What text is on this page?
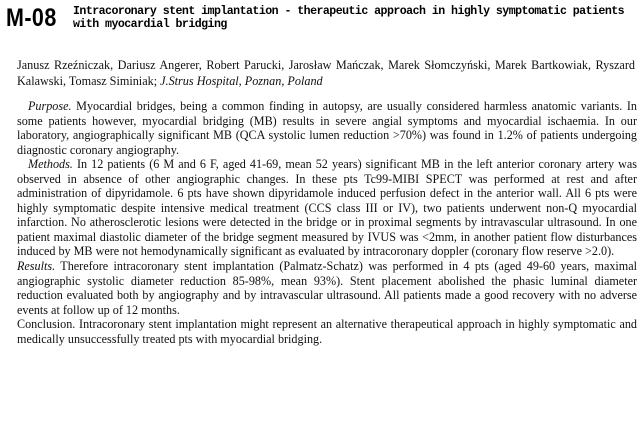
M-08 Intracoronary stent implantation - therapeutic approach in highly symptomatic patients with myocardial bridging
Janusz Rzeźniczak, Dariusz Angerer, Robert Parucki, Jarosław Mańczak, Marek Słomczyński, Marek Bartkowiak, Ryszard Kalawski, Tomasz Siminiak; J.Strus Hospital, Poznan, Poland

Purpose. Myocardial bridges, being a common finding in autopsy, are usually considered harmless anatomic variants. In some patients however, myocardial bridging (MB) results in severe angial symptoms and myocardial ischaemia. In our laboratory, angiographically significant MB (QCA systolic lumen reduction >70%) was found in 1.2% of patients undergoing diagnostic coronary angiography.

Methods. In 12 patients (6 M and 6 F, aged 41-69, mean 52 years) significant MB in the left anterior coronary artery was observed in absence of other angiographic changes. In these pts Tc99-MIBI SPECT was performed at rest and after administration of dipyridamole. 6 pts have shown dipyridamole induced perfusion defect in the anterior wall. All 6 pts were highly symptomatic despite intensive medical treatment (CCS class III or IV), two patients underwent non-Q myocardial infarction. No atherosclerotic lesions were detected in the bridge or in proximal segments by intravascular ultrasound. In one patient maximal diastolic diameter of the bridge segment measured by IVUS was <2mm, in another patient flow disturbances induced by MB were not hemodynamically significant as evaluated by intracoronary doppler (coronary flow reserve >2.0).

Results. Therefore intracoronary stent implantation (Palmatz-Schatz) was performed in 4 pts (aged 49-60 years, maximal angiographic systolic diameter reduction 85-98%, mean 93%). Stent placement abolished the phasic luminal diameter reduction evaluated both by angiography and by intravascular ultrasound. All patients made a good recovery with no adverse events at follow up of 12 months.

Conclusion. Intracoronary stent implantation might represent an alternative therapeutical approach in highly symptomatic and medically unsuccessfully treated pts with myocardial bridging.
